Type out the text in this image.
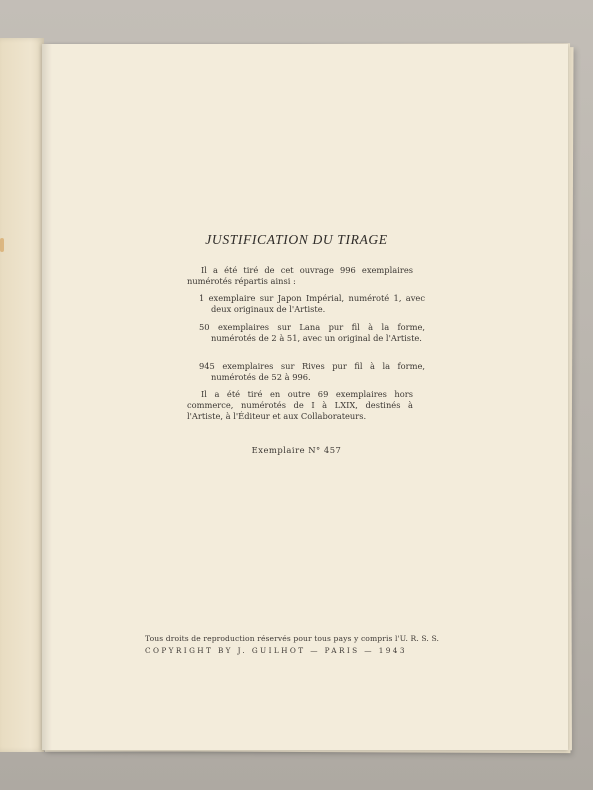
JUSTIFICATION DU TIRAGE
Il a été tiré de cet ouvrage 996 exemplaires numérotés répartis ainsi :
1 exemplaire sur Japon Impérial, numéroté 1, avec deux originaux de l'Artiste.
50 exemplaires sur Lana pur fil à la forme, numérotés de 2 à 51, avec un original de l'Artiste.
945 exemplaires sur Rives pur fil à la forme, numérotés de 52 à 996.
Il a été tiré en outre 69 exemplaires hors commerce, numérotés de I à LXIX, destinés à l'Artiste, à l'Éditeur et aux Collaborateurs.
Exemplaire N° 457
Tous droits de reproduction réservés pour tous pays y compris l'U. R. S. S.
COPYRIGHT BY J. GUILHOT — PARIS — 1943
